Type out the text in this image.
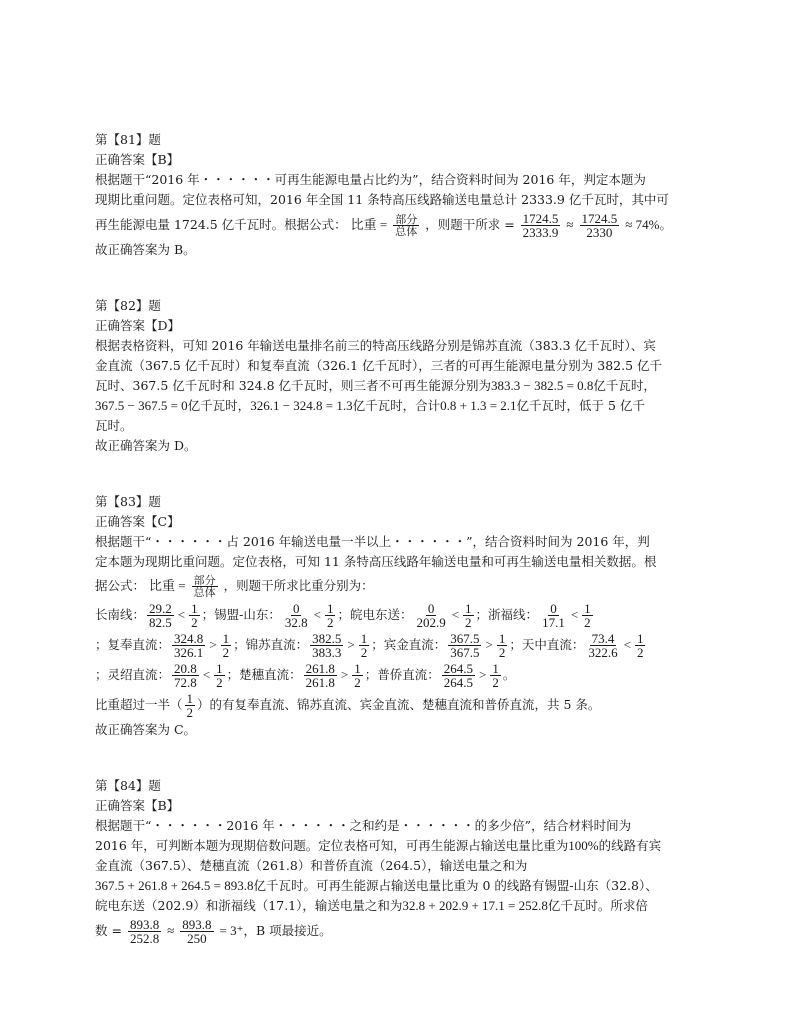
第【81】题
正确答案【B】
根据题干“2016 年・・・・・・可再生能源电量占比约为”，结合资料时间为 2016 年，判定本题为
现期比重问题。定位表格可知，2016 年全国 11 条特高压线路输送电量总计 2333.9 亿千瓦时，其中可
再生能源电量 1724.5 亿千瓦时。根据公式： 比重 = $\frac{\text{部分}}{\text{总体}}$ ，则题干所求 = $\frac{1724.5}{2333.9} \approx \frac{1724.5}{2330} \approx 74\%$。
故正确答案为 B。
第【82】题
正确答案【D】
根据表格资料，可知 2016 年输送电量排名前三的特高压线路分别是锦苏直流（383.3 亿千瓦时）、宾
金直流（367.5 亿千瓦时）和复奉直流（326.1 亿千瓦时），三者的可再生能源电量分别为 382.5 亿千
瓦时、367.5 亿千瓦时和 324.8 亿千瓦时，则三者不可再生能源分别为383.3 − 382.5 = 0.8亿千瓦时，
367.5 − 367.5 = 0亿千瓦时，326.1 − 324.8 = 1.3亿千瓦时，合计0.8 + 1.3 = 2.1亿千瓦时，低于 5 亿千
瓦时。
故正确答案为 D。
第【83】题
正确答案【C】
根据题干“・・・・・・占 2016 年输送电量一半以上・・・・・・”，结合资料时间为 2016 年，判
定本题为现期比重问题。定位表格，可知 11 条特高压线路年输送电量和可再生输送电量相关数据。根
据公式： 比重 = $\frac{\text{部分}}{\text{总体}}$ ，则题干所求比重分别为：
长南线： $\frac{29.2}{82.5} < \frac{1}{2}$ ；锡盟-山东： $\frac{0}{32.8} < \frac{1}{2}$ ；皖电东送： $\frac{0}{202.9} < \frac{1}{2}$ ；浙福线： $\frac{0}{17.1} < \frac{1}{2}$
；复奉直流： $\frac{324.8}{326.1} > \frac{1}{2}$ ；锦苏直流： $\frac{382.5}{383.3} > \frac{1}{2}$ ；宾金直流： $\frac{367.5}{367.5} > \frac{1}{2}$ ；天中直流： $\frac{73.4}{322.6} < \frac{1}{2}$
；灵绍直流： $\frac{20.8}{72.8} < \frac{1}{2}$ ；楚穗直流： $\frac{261.8}{261.8} > \frac{1}{2}$ ；普侨直流： $\frac{264.5}{264.5} > \frac{1}{2}$ 。
比重超过一半（ $\frac{1}{2}$ ）的有复奉直流、锦苏直流、宾金直流、楚穗直流和普侨直流，共 5 条。
故正确答案为 C。
第【84】题
正确答案【B】
根据题干“・・・・・・2016 年・・・・・・之和约是・・・・・・的多少倍”，结合材料时间为
2016 年，可判断本题为现期倍数问题。定位表格可知，可再生能源占输送电量比重为100%的线路有宾
金直流（367.5）、楚穗直流（261.8）和普侨直流（264.5），输送电量之和为
367.5 + 261.8 + 264.5 = 893.8亿千瓦时。可再生能源占输送电量比重为 0 的线路有锡盟-山东（32.8）、
皖电东送（202.9）和浙福线（17.1），输送电量之和为32.8 + 202.9 + 17.1 = 252.8亿千瓦时。所求倍
数 = $\frac{893.8}{252.8} \approx \frac{893.8}{250} = 3^+$，B 项最接近。
